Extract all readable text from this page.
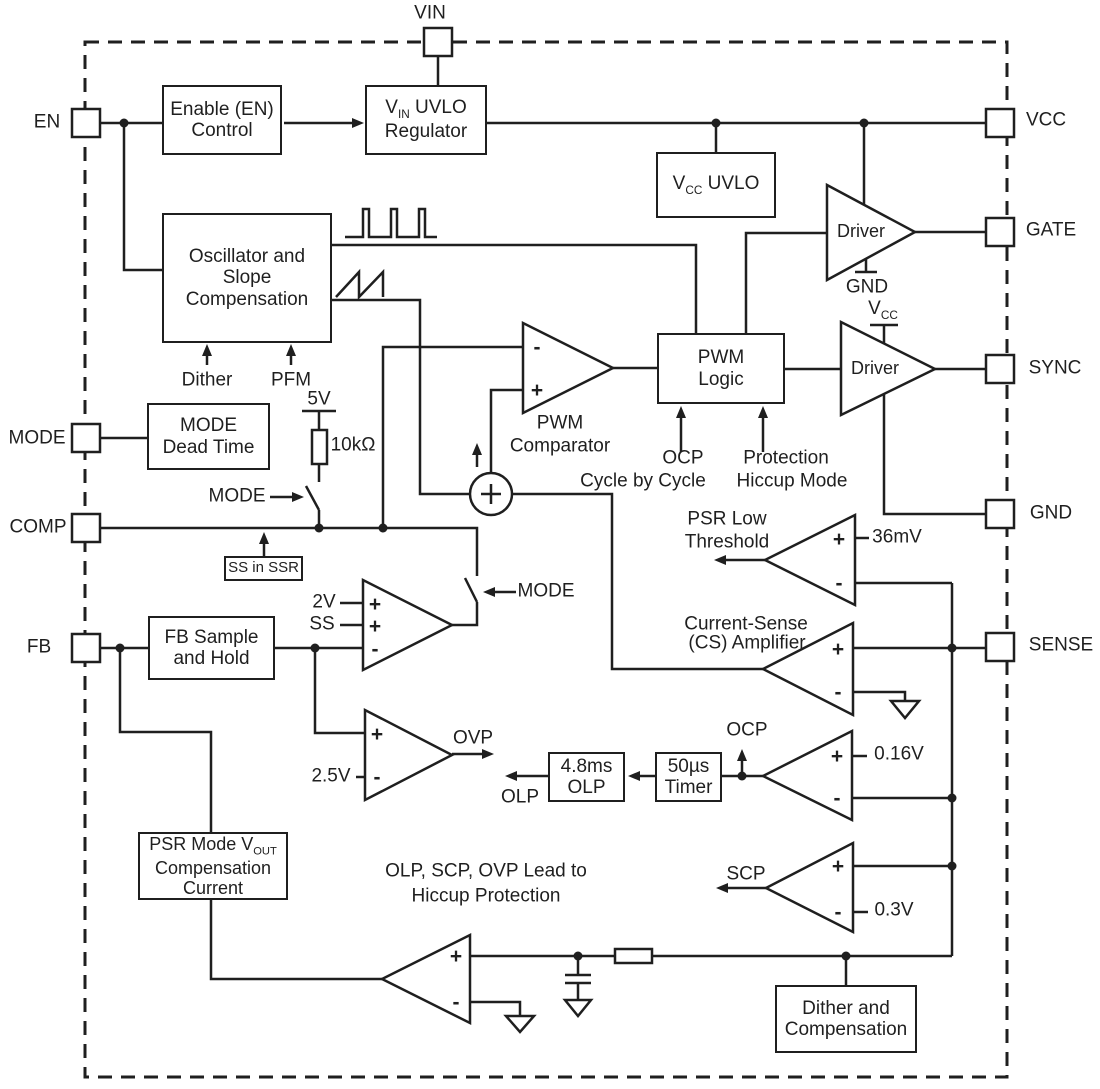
-
+
+
+
-
+
-
+
-
+
-
+
-
+
-
+
-
Enable (EN)
Control
$V_{IN}$ UVLO
Regulator
$V_{CC}$ UVLO
Oscillator and
Slope
Compensation
MODE
Dead Time
PWM
Logic
SS in SSR
FB Sample
and Hold
PSR Mode $V_{OUT}$
Compensation
Current
4.8ms
OLP
50µs
Timer
Dither and
Compensation
VIN
EN
MODE
COMP
FB
VCC
GATE
SYNC
GND
SENSE
Dither PFM
5V
10kΩ
MODE
MODE
2V
SS
2.5V
OVP
OLP
OCP
36mV
0.16V
0.3V
SCP
PSR Low
Threshold
Current-Sense
(CS) Amplifier
OCP
Cycle by Cycle
Protection
Hiccup Mode
Driver
Driver
GND
$V_{CC}$
OLP, SCP, OVP Lead to
Hiccup Protection
PWM
Comparator
